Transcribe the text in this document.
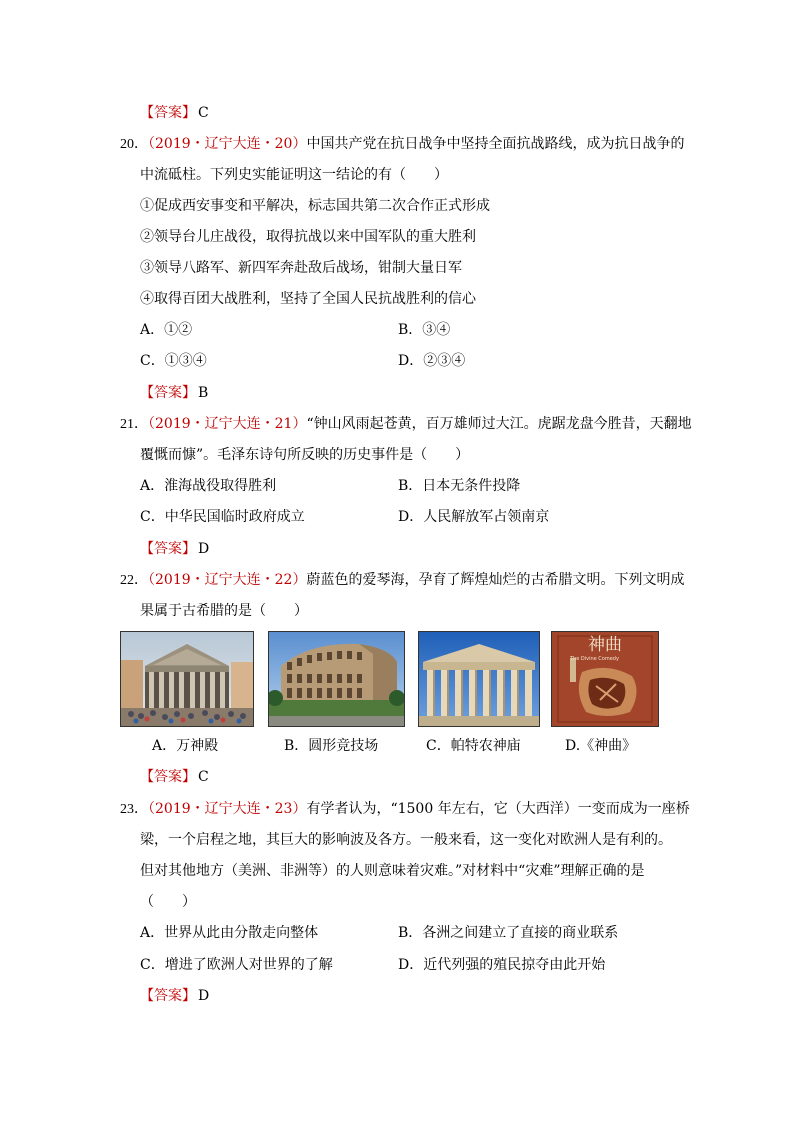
【答案】 C
20．（2019・辽宁大连・20）中国共产党在抗日战争中坚持全面抗战路线，成为抗日战争的
中流砥柱。下列史实能证明这一结论的有（　　）
①促成西安事变和平解决，标志国共第二次合作正式形成
②领导台儿庄战役，取得抗战以来中国军队的重大胜利
③领导八路军、新四军奔赴敌后战场，钳制大量日军
④取得百团大战胜利，坚持了全国人民抗战胜利的信心
A．①②	B．③④
C．①③④	D．②③④
【答案】 B
21．（2019・辽宁大连・21）“钟山风雨起苍黄，百万雄师过大江。虎踞龙盘今胜昔，天翻地
覆慨而慷”。毛泽东诗句所反映的历史事件是（　　）
A．淮海战役取得胜利	B．日本无条件投降
C．中华民国临时政府成立	D．人民解放军占领南京
【答案】 D
22．（2019・辽宁大连・22）蔚蓝色的爱琴海，孕育了辉煌灿烂的古希腊文明。下列文明成
果属于古希腊的是（　　）
神曲
The Divine Comedy
A．万神殿	B．圆形竞技场	C．帕特农神庙	D.《神曲》
【答案】 C
23．（2019・辽宁大连・23）有学者认为，“1500 年左右，它（大西洋）一变而成为一座桥
梁，一个启程之地，其巨大的影响波及各方。一般来看，这一变化对欧洲人是有利的。
但对其他地方（美洲、非洲等）的人则意味着灾难。”对材料中“灾难”理解正确的是
（　　）
A．世界从此由分散走向整体	B．各洲之间建立了直接的商业联系
C．增进了欧洲人对世界的了解	D．近代列强的殖民掠夺由此开始
【答案】 D
